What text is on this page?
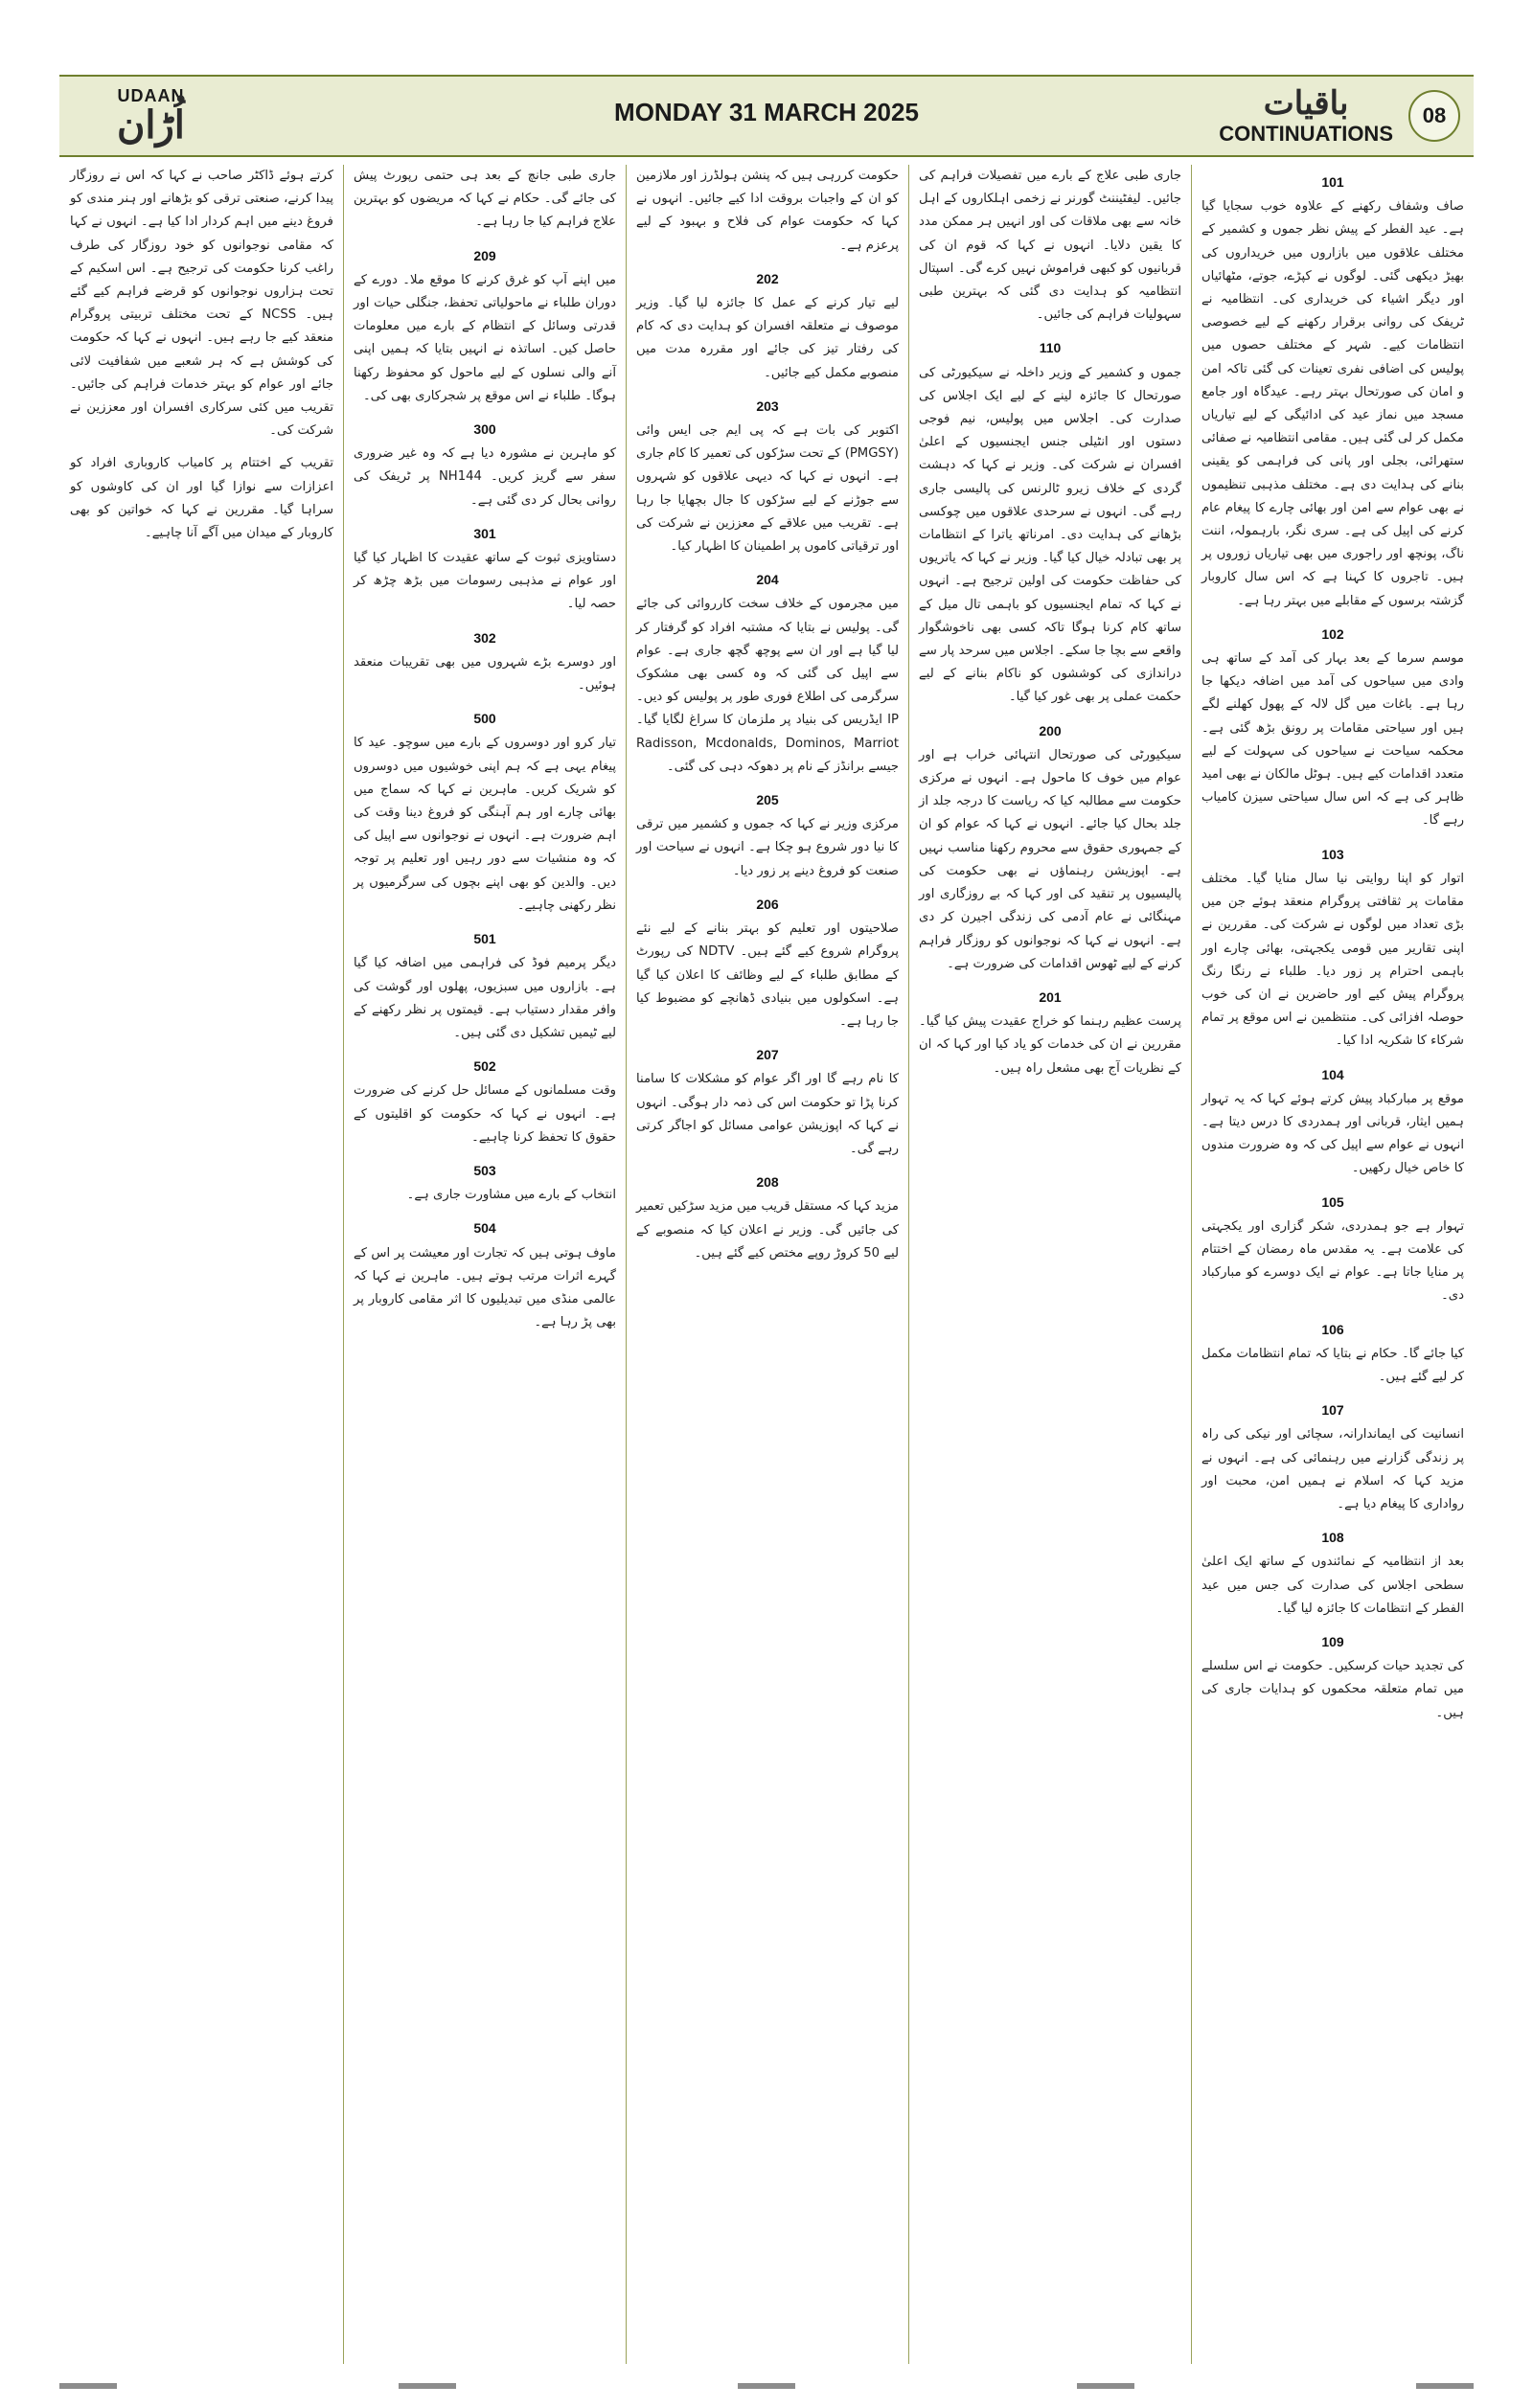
UDAAN
اُڑان	MONDAY 31 MARCH 2025	باقیات
CONTINUATIONS
08
101

صاف وشفاف رکھنے کے علاوہ خوب سجایا گیا ہے۔ عید الفطر کے پیش نظر جموں و کشمیر کے مختلف علاقوں میں بازاروں میں خریداروں کی بھیڑ دیکھی گئی۔ لوگوں نے کپڑے، جوتے، مٹھائیاں اور دیگر اشیاء کی خریداری کی۔ انتظامیہ نے ٹریفک کی روانی برقرار رکھنے کے لیے خصوصی انتظامات کیے۔ شہر کے مختلف حصوں میں پولیس کی اضافی نفری تعینات کی گئی تاکہ امن و امان کی صورتحال بہتر رہے۔ عیدگاہ اور جامع مسجد میں نماز عید کی ادائیگی کے لیے تیاریاں مکمل کر لی گئی ہیں۔ مقامی انتظامیہ نے صفائی ستھرائی، بجلی اور پانی کی فراہمی کو یقینی بنانے کی ہدایت دی ہے۔ مختلف مذہبی تنظیموں نے بھی عوام سے امن اور بھائی چارے کا پیغام عام کرنے کی اپیل کی ہے۔ سری نگر، بارہمولہ، اننت ناگ، پونچھ اور راجوری میں بھی تیاریاں زوروں پر ہیں۔ تاجروں کا کہنا ہے کہ اس سال کاروبار گزشتہ برسوں کے مقابلے میں بہتر رہا ہے۔

102

موسم سرما کے بعد بہار کی آمد کے ساتھ ہی وادی میں سیاحوں کی آمد میں اضافہ دیکھا جا رہا ہے۔ باغات میں گل لالہ کے پھول کھلنے لگے ہیں اور سیاحتی مقامات پر رونق بڑھ گئی ہے۔ محکمہ سیاحت نے سیاحوں کی سہولت کے لیے متعدد اقدامات کیے ہیں۔ ہوٹل مالکان نے بھی امید ظاہر کی ہے کہ اس سال سیاحتی سیزن کامیاب رہے گا۔

103

اتوار کو اپنا روایتی نیا سال منایا گیا۔ مختلف مقامات پر ثقافتی پروگرام منعقد ہوئے جن میں بڑی تعداد میں لوگوں نے شرکت کی۔ مقررین نے اپنی تقاریر میں قومی یکجہتی، بھائی چارے اور باہمی احترام پر زور دیا۔ طلباء نے رنگا رنگ پروگرام پیش کیے اور حاضرین نے ان کی خوب حوصلہ افزائی کی۔ منتظمین نے اس موقع پر تمام شرکاء کا شکریہ ادا کیا۔

104

موقع پر مبارکباد پیش کرتے ہوئے کہا کہ یہ تہوار ہمیں ایثار، قربانی اور ہمدردی کا درس دیتا ہے۔ انہوں نے عوام سے اپیل کی کہ وہ ضرورت مندوں کا خاص خیال رکھیں۔

105

تہوار ہے جو ہمدردی، شکر گزاری اور یکجہتی کی علامت ہے۔ یہ مقدس ماہ رمضان کے اختتام پر منایا جاتا ہے۔ عوام نے ایک دوسرے کو مبارکباد دی۔

106

کیا جائے گا۔ حکام نے بتایا کہ تمام انتظامات مکمل کر لیے گئے ہیں۔

107

انسانیت کی ایماندارانہ، سچائی اور نیکی کی راہ پر زندگی گزارنے میں رہنمائی کی ہے۔ انہوں نے مزید کہا کہ اسلام نے ہمیں امن، محبت اور رواداری کا پیغام دیا ہے۔

108

بعد از انتظامیہ کے نمائندوں کے ساتھ ایک اعلیٰ سطحی اجلاس کی صدارت کی جس میں عید الفطر کے انتظامات کا جائزہ لیا گیا۔

109

کی تجدید حیات کرسکیں۔ حکومت نے اس سلسلے میں تمام متعلقہ محکموں کو ہدایات جاری کی ہیں۔

جاری طبی علاج کے بارے میں تفصیلات فراہم کی جائیں۔ لیفٹیننٹ گورنر نے زخمی اہلکاروں کے اہل خانہ سے بھی ملاقات کی اور انہیں ہر ممکن مدد کا یقین دلایا۔ انہوں نے کہا کہ قوم ان کی قربانیوں کو کبھی فراموش نہیں کرے گی۔ اسپتال انتظامیہ کو ہدایت دی گئی کہ بہترین طبی سہولیات فراہم کی جائیں۔

110

جموں و کشمیر کے وزیر داخلہ نے سیکیورٹی کی صورتحال کا جائزہ لینے کے لیے ایک اجلاس کی صدارت کی۔ اجلاس میں پولیس، نیم فوجی دستوں اور انٹیلی جنس ایجنسیوں کے اعلیٰ افسران نے شرکت کی۔ وزیر نے کہا کہ دہشت گردی کے خلاف زیرو ٹالرنس کی پالیسی جاری رہے گی۔ انہوں نے سرحدی علاقوں میں چوکسی بڑھانے کی ہدایت دی۔ امرناتھ یاترا کے انتظامات پر بھی تبادلہ خیال کیا گیا۔ وزیر نے کہا کہ یاتریوں کی حفاظت حکومت کی اولین ترجیح ہے۔ انہوں نے کہا کہ تمام ایجنسیوں کو باہمی تال میل کے ساتھ کام کرنا ہوگا تاکہ کسی بھی ناخوشگوار واقعے سے بچا جا سکے۔ اجلاس میں سرحد پار سے دراندازی کی کوششوں کو ناکام بنانے کے لیے حکمت عملی پر بھی غور کیا گیا۔

200

سیکیورٹی کی صورتحال انتہائی خراب ہے اور عوام میں خوف کا ماحول ہے۔ انہوں نے مرکزی حکومت سے مطالبہ کیا کہ ریاست کا درجہ جلد از جلد بحال کیا جائے۔ انہوں نے کہا کہ عوام کو ان کے جمہوری حقوق سے محروم رکھنا مناسب نہیں ہے۔ اپوزیشن رہنماؤں نے بھی حکومت کی پالیسیوں پر تنقید کی اور کہا کہ بے روزگاری اور مہنگائی نے عام آدمی کی زندگی اجیرن کر دی ہے۔ انہوں نے کہا کہ نوجوانوں کو روزگار فراہم کرنے کے لیے ٹھوس اقدامات کی ضرورت ہے۔

201

پرست عظیم رہنما کو خراج عقیدت پیش کیا گیا۔ مقررین نے ان کی خدمات کو یاد کیا اور کہا کہ ان کے نظریات آج بھی مشعل راہ ہیں۔

حکومت کررہی ہیں کہ پنشن ہولڈرز اور ملازمین کو ان کے واجبات بروقت ادا کیے جائیں۔ انہوں نے کہا کہ حکومت عوام کی فلاح و بہبود کے لیے پرعزم ہے۔

202

لیے تیار کرنے کے عمل کا جائزہ لیا گیا۔ وزیر موصوف نے متعلقہ افسران کو ہدایت دی کہ کام کی رفتار تیز کی جائے اور مقررہ مدت میں منصوبے مکمل کیے جائیں۔

203

اکتوبر کی بات ہے کہ پی ایم جی ایس وائی (PMGSY) کے تحت سڑکوں کی تعمیر کا کام جاری ہے۔ انہوں نے کہا کہ دیہی علاقوں کو شہروں سے جوڑنے کے لیے سڑکوں کا جال بچھایا جا رہا ہے۔ تقریب میں علاقے کے معززین نے شرکت کی اور ترقیاتی کاموں پر اطمینان کا اظہار کیا۔

204

میں مجرموں کے خلاف سخت کارروائی کی جائے گی۔ پولیس نے بتایا کہ مشتبہ افراد کو گرفتار کر لیا گیا ہے اور ان سے پوچھ گچھ جاری ہے۔ عوام سے اپیل کی گئی کہ وہ کسی بھی مشکوک سرگرمی کی اطلاع فوری طور پر پولیس کو دیں۔ IP ایڈریس کی بنیاد پر ملزمان کا سراغ لگایا گیا۔ Radisson, Mcdonalds, Dominos, Marriot جیسے برانڈز کے نام پر دھوکہ دہی کی گئی۔

205

مرکزی وزیر نے کہا کہ جموں و کشمیر میں ترقی کا نیا دور شروع ہو چکا ہے۔ انہوں نے سیاحت اور صنعت کو فروغ دینے پر زور دیا۔

206

صلاحیتوں اور تعلیم کو بہتر بنانے کے لیے نئے پروگرام شروع کیے گئے ہیں۔ NDTV کی رپورٹ کے مطابق طلباء کے لیے وظائف کا اعلان کیا گیا ہے۔ اسکولوں میں بنیادی ڈھانچے کو مضبوط کیا جا رہا ہے۔

207

کا نام رہے گا اور اگر عوام کو مشکلات کا سامنا کرنا پڑا تو حکومت اس کی ذمہ دار ہوگی۔ انہوں نے کہا کہ اپوزیشن عوامی مسائل کو اجاگر کرتی رہے گی۔

208

مزید کہا کہ مستقل قریب میں مزید سڑکیں تعمیر کی جائیں گی۔ وزیر نے اعلان کیا کہ منصوبے کے لیے 50 کروڑ روپے مختص کیے گئے ہیں۔

جاری طبی جانچ کے بعد ہی حتمی رپورٹ پیش کی جائے گی۔ حکام نے کہا کہ مریضوں کو بہترین علاج فراہم کیا جا رہا ہے۔

209

میں اپنے آپ کو غرق کرنے کا موقع ملا۔ دورے کے دوران طلباء نے ماحولیاتی تحفظ، جنگلی حیات اور قدرتی وسائل کے انتظام کے بارے میں معلومات حاصل کیں۔ اساتذہ نے انہیں بتایا کہ ہمیں اپنی آنے والی نسلوں کے لیے ماحول کو محفوظ رکھنا ہوگا۔ طلباء نے اس موقع پر شجرکاری بھی کی۔

300

کو ماہرین نے مشورہ دیا ہے کہ وہ غیر ضروری سفر سے گریز کریں۔ NH144 پر ٹریفک کی روانی بحال کر دی گئی ہے۔

301

دستاویزی ثبوت کے ساتھ عقیدت کا اظہار کیا گیا اور عوام نے مذہبی رسومات میں بڑھ چڑھ کر حصہ لیا۔

302

اور دوسرے بڑے شہروں میں بھی تقریبات منعقد ہوئیں۔

500

تیار کرو اور دوسروں کے بارے میں سوچو۔ عید کا پیغام یہی ہے کہ ہم اپنی خوشیوں میں دوسروں کو شریک کریں۔ ماہرین نے کہا کہ سماج میں بھائی چارے اور ہم آہنگی کو فروغ دینا وقت کی اہم ضرورت ہے۔ انہوں نے نوجوانوں سے اپیل کی کہ وہ منشیات سے دور رہیں اور تعلیم پر توجہ دیں۔ والدین کو بھی اپنے بچوں کی سرگرمیوں پر نظر رکھنی چاہیے۔

501

دیگر پرمیم فوڈ کی فراہمی میں اضافہ کیا گیا ہے۔ بازاروں میں سبزیوں، پھلوں اور گوشت کی وافر مقدار دستیاب ہے۔ قیمتوں پر نظر رکھنے کے لیے ٹیمیں تشکیل دی گئی ہیں۔

502

وقت مسلمانوں کے مسائل حل کرنے کی ضرورت ہے۔ انہوں نے کہا کہ حکومت کو اقلیتوں کے حقوق کا تحفظ کرنا چاہیے۔

503

انتخاب کے بارے میں مشاورت جاری ہے۔

504

ماوف ہوتی ہیں کہ تجارت اور معیشت پر اس کے گہرے اثرات مرتب ہوتے ہیں۔ ماہرین نے کہا کہ عالمی منڈی میں تبدیلیوں کا اثر مقامی کاروبار پر بھی پڑ رہا ہے۔

کرتے ہوئے ڈاکٹر صاحب نے کہا کہ اس نے روزگار پیدا کرنے، صنعتی ترقی کو بڑھانے اور ہنر مندی کو فروغ دینے میں اہم کردار ادا کیا ہے۔ انہوں نے کہا کہ مقامی نوجوانوں کو خود روزگار کی طرف راغب کرنا حکومت کی ترجیح ہے۔ اس اسکیم کے تحت ہزاروں نوجوانوں کو قرضے فراہم کیے گئے ہیں۔ NCSS کے تحت مختلف تربیتی پروگرام منعقد کیے جا رہے ہیں۔ انہوں نے کہا کہ حکومت کی کوشش ہے کہ ہر شعبے میں شفافیت لائی جائے اور عوام کو بہتر خدمات فراہم کی جائیں۔ تقریب میں کئی سرکاری افسران اور معززین نے شرکت کی۔

تقریب کے اختتام پر کامیاب کاروباری افراد کو اعزازات سے نوازا گیا اور ان کی کاوشوں کو سراہا گیا۔ مقررین نے کہا کہ خواتین کو بھی کاروبار کے میدان میں آگے آنا چاہیے۔
